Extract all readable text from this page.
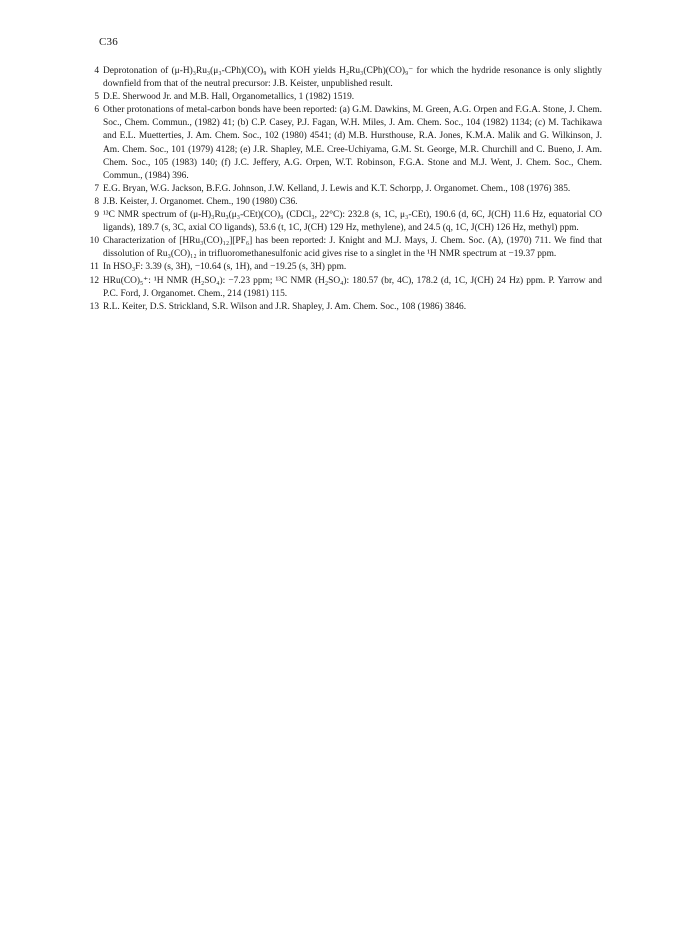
C36
4 Deprotonation of (μ-H)₃Ru₃(μ₃-CPh)(CO)₉ with KOH yields H₂Ru₃(CPh)(CO)₉⁻ for which the hydride resonance is only slightly downfield from that of the neutral precursor: J.B. Keister, unpublished result.
5 D.E. Sherwood Jr. and M.B. Hall, Organometallics, 1 (1982) 1519.
6 Other protonations of metal-carbon bonds have been reported: (a) G.M. Dawkins, M. Green, A.G. Orpen and F.G.A. Stone, J. Chem. Soc., Chem. Commun., (1982) 41; (b) C.P. Casey, P.J. Fagan, W.H. Miles, J. Am. Chem. Soc., 104 (1982) 1134; (c) M. Tachikawa and E.L. Muetterties, J. Am. Chem. Soc., 102 (1980) 4541; (d) M.B. Hursthouse, R.A. Jones, K.M.A. Malik and G. Wilkinson, J. Am. Chem. Soc., 101 (1979) 4128; (e) J.R. Shapley, M.E. Cree-Uchiyama, G.M. St. George, M.R. Churchill and C. Bueno, J. Am. Chem. Soc., 105 (1983) 140; (f) J.C. Jeffery, A.G. Orpen, W.T. Robinson, F.G.A. Stone and M.J. Went, J. Chem. Soc., Chem. Commun., (1984) 396.
7 E.G. Bryan, W.G. Jackson, B.F.G. Johnson, J.W. Kelland, J. Lewis and K.T. Schorpp, J. Organomet. Chem., 108 (1976) 385.
8 J.B. Keister, J. Organomet. Chem., 190 (1980) C36.
9 ¹³C NMR spectrum of (μ-H)₃Ru₃(μ₃-CEt)(CO)₉ (CDCl₃, 22°C): 232.8 (s, 1C, μ₃-CEt), 190.6 (d, 6C, J(CH) 11.6 Hz, equatorial CO ligands), 189.7 (s, 3C, axial CO ligands), 53.6 (t, 1C, J(CH) 129 Hz, methylene), and 24.5 (q, 1C, J(CH) 126 Hz, methyl) ppm.
10 Characterization of [HRu₃(CO)₁₂][PF₆] has been reported: J. Knight and M.J. Mays, J. Chem. Soc. (A), (1970) 711. We find that dissolution of Ru₃(CO)₁₂ in trifluoromethanesulfonic acid gives rise to a singlet in the ¹H NMR spectrum at −19.37 ppm.
11 In HSO₃F: 3.39 (s, 3H), −10.64 (s, 1H), and −19.25 (s, 3H) ppm.
12 HRu(CO)₅⁺: ¹H NMR (H₂SO₄): −7.23 ppm; ¹³C NMR (H₂SO₄): 180.57 (br, 4C), 178.2 (d, 1C, J(CH) 24 Hz) ppm. P. Yarrow and P.C. Ford, J. Organomet. Chem., 214 (1981) 115.
13 R.L. Keiter, D.S. Strickland, S.R. Wilson and J.R. Shapley, J. Am. Chem. Soc., 108 (1986) 3846.
